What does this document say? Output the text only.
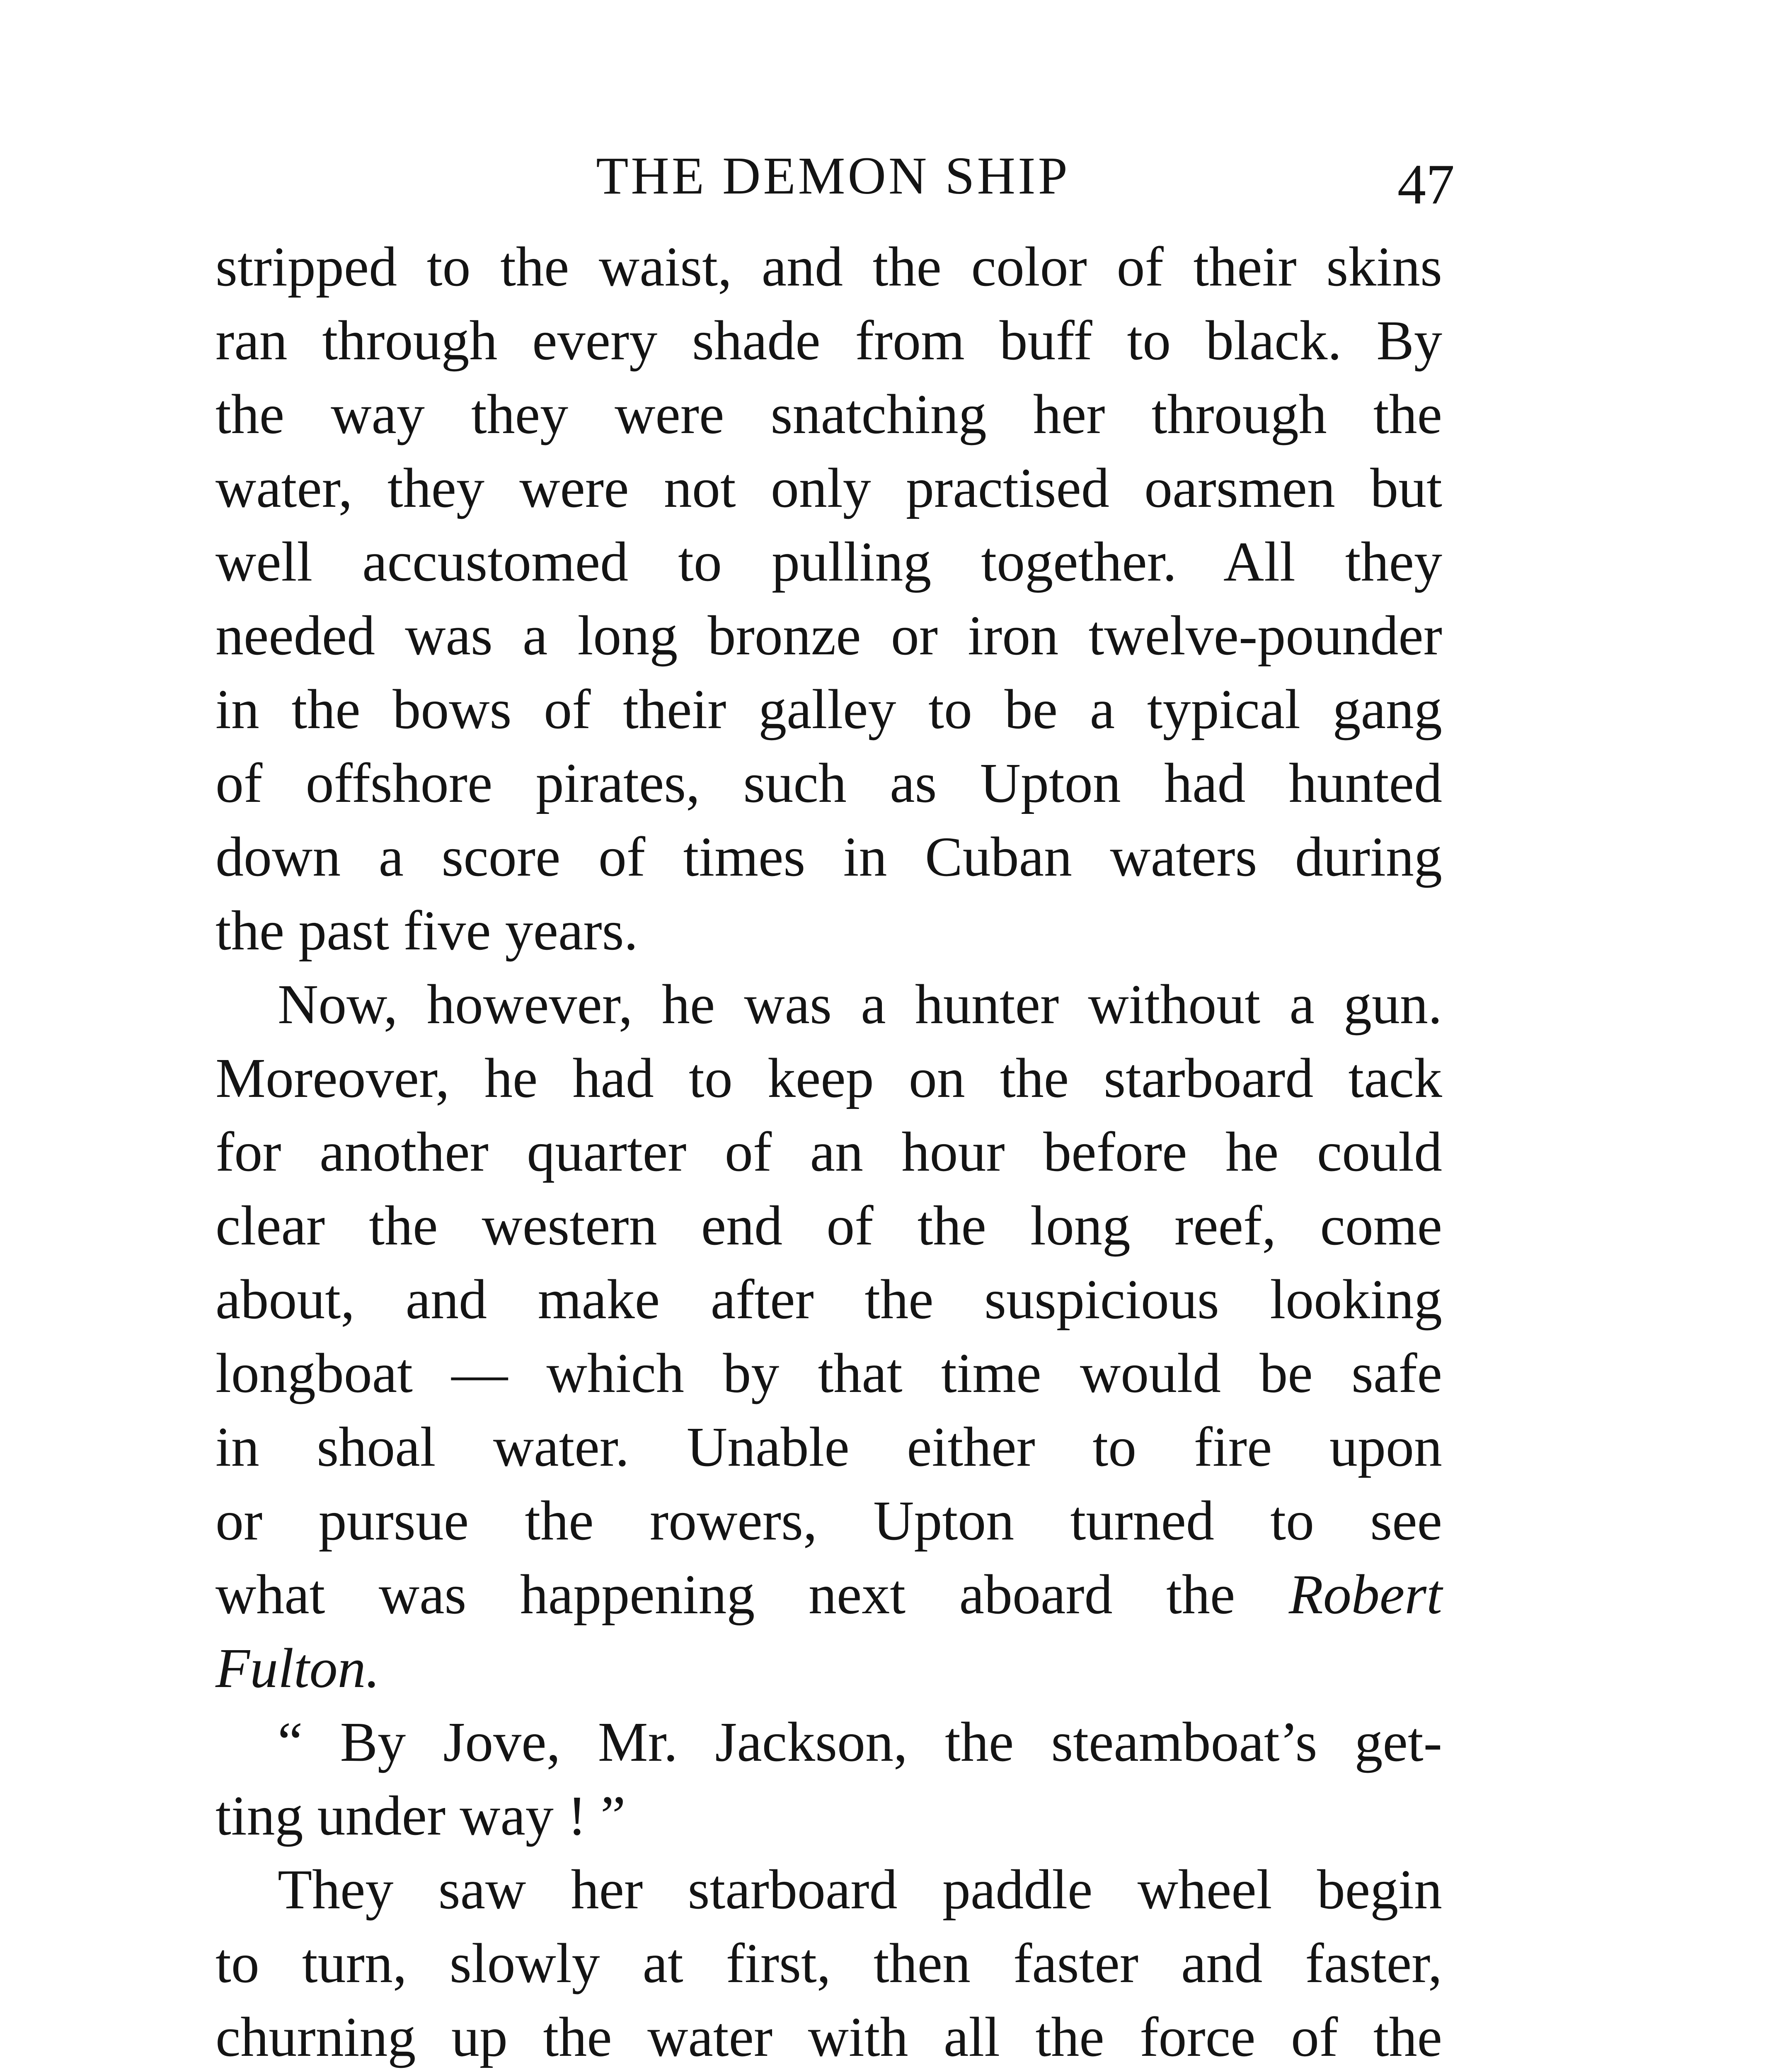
THE DEMON SHIP	47
stripped to the waist, and the color of their skins
ran through every shade from buff to black. By
the way they were snatching her through the
water, they were not only practised oarsmen but
well accustomed to pulling together. All they
needed was a long bronze or iron twelve-pounder
in the bows of their galley to be a typical gang
of offshore pirates, such as Upton had hunted
down a score of times in Cuban waters during
the past five years.
Now, however, he was a hunter without a gun.
Moreover, he had to keep on the starboard tack
for another quarter of an hour before he could
clear the western end of the long reef, come
about, and make after the suspicious looking
longboat — which by that time would be safe
in shoal water. Unable either to fire upon
or pursue the rowers, Upton turned to see
what was happening next aboard the Robert
Fulton.
“ By Jove, Mr. Jackson, the steamboat’s get-
ting under way ! ”
They saw her starboard paddle wheel begin
to turn, slowly at first, then faster and faster,
churning up the water with all the force of the
